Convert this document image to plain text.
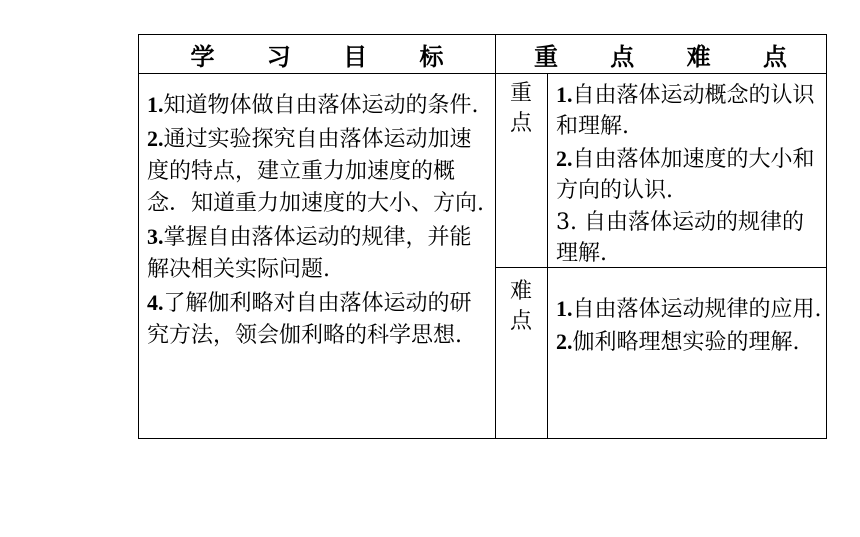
学 习 目 标	重 点 难 点
1.知道物体做自由落体运动的条件.
2.通过实验探究自由落体运动加速度的特点，建立重力加速度的概念．知道重力加速度的大小、方向.
3.掌握自由落体运动的规律，并能解决相关实际问题.
4.了解伽利略对自由落体运动的研究方法，领会伽利略的科学思想.
重
点
1.自由落体运动概念的认识和理解.
2.自由落体加速度的大小和方向的认识.
3. 自由落体运动的规律的理解.
难
点
1.自由落体运动规律的应用.
2.伽利略理想实验的理解.
